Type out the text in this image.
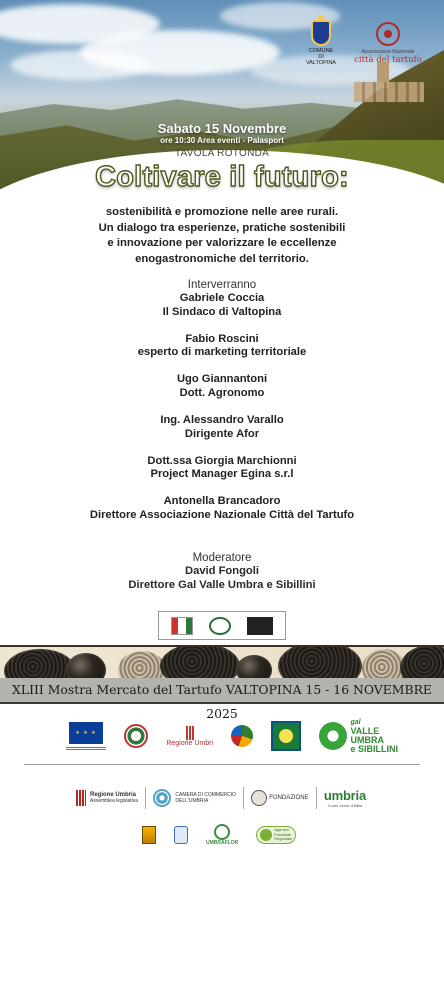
COMUNE DI VALTOPINA
Associazione Nazionale
città del tartufo
Sabato 15 Novembre
ore 10:30 Area eventi - Palasport
TAVOLA ROTONDA
Coltivare il futuro:
sostenibilità e promozione nelle aree rurali.
Un dialogo tra esperienze, pratiche sostenibili
e innovazione per valorizzare le eccellenze
enogastronomiche del territorio.
Interverranno
Gabriele Coccia
Il Sindaco di Valtopina
Fabio Roscini
esperto di marketing territoriale
Ugo Giannantoni
Dott. Agronomo
Ing. Alessandro Varallo
Dirigente Afor
Dott.ssa Giorgia Marchionni
Project Manager Egina s.r.l
Antonella Brancadoro
Direttore Associazione Nazionale Città del Tartufo
Moderatore
David Fongoli
Direttore Gal Valle Umbra e Sibillini
XLIII Mostra Mercato del Tartufo VALTOPINA 15 - 16 NOVEMBRE 2025
★ ★ ★
Regione Umbri
gal
VALLE
UMBRA
e SIBILLINI
Regione Umbria
Assemblea legislativa
CAMERA DI COMMERCIO
DELL'UMBRIA	FONDAZIONE umbria
Cuore verde d'Italia
UMBRAFLOR
Agenzia
Forestale
Regionale
